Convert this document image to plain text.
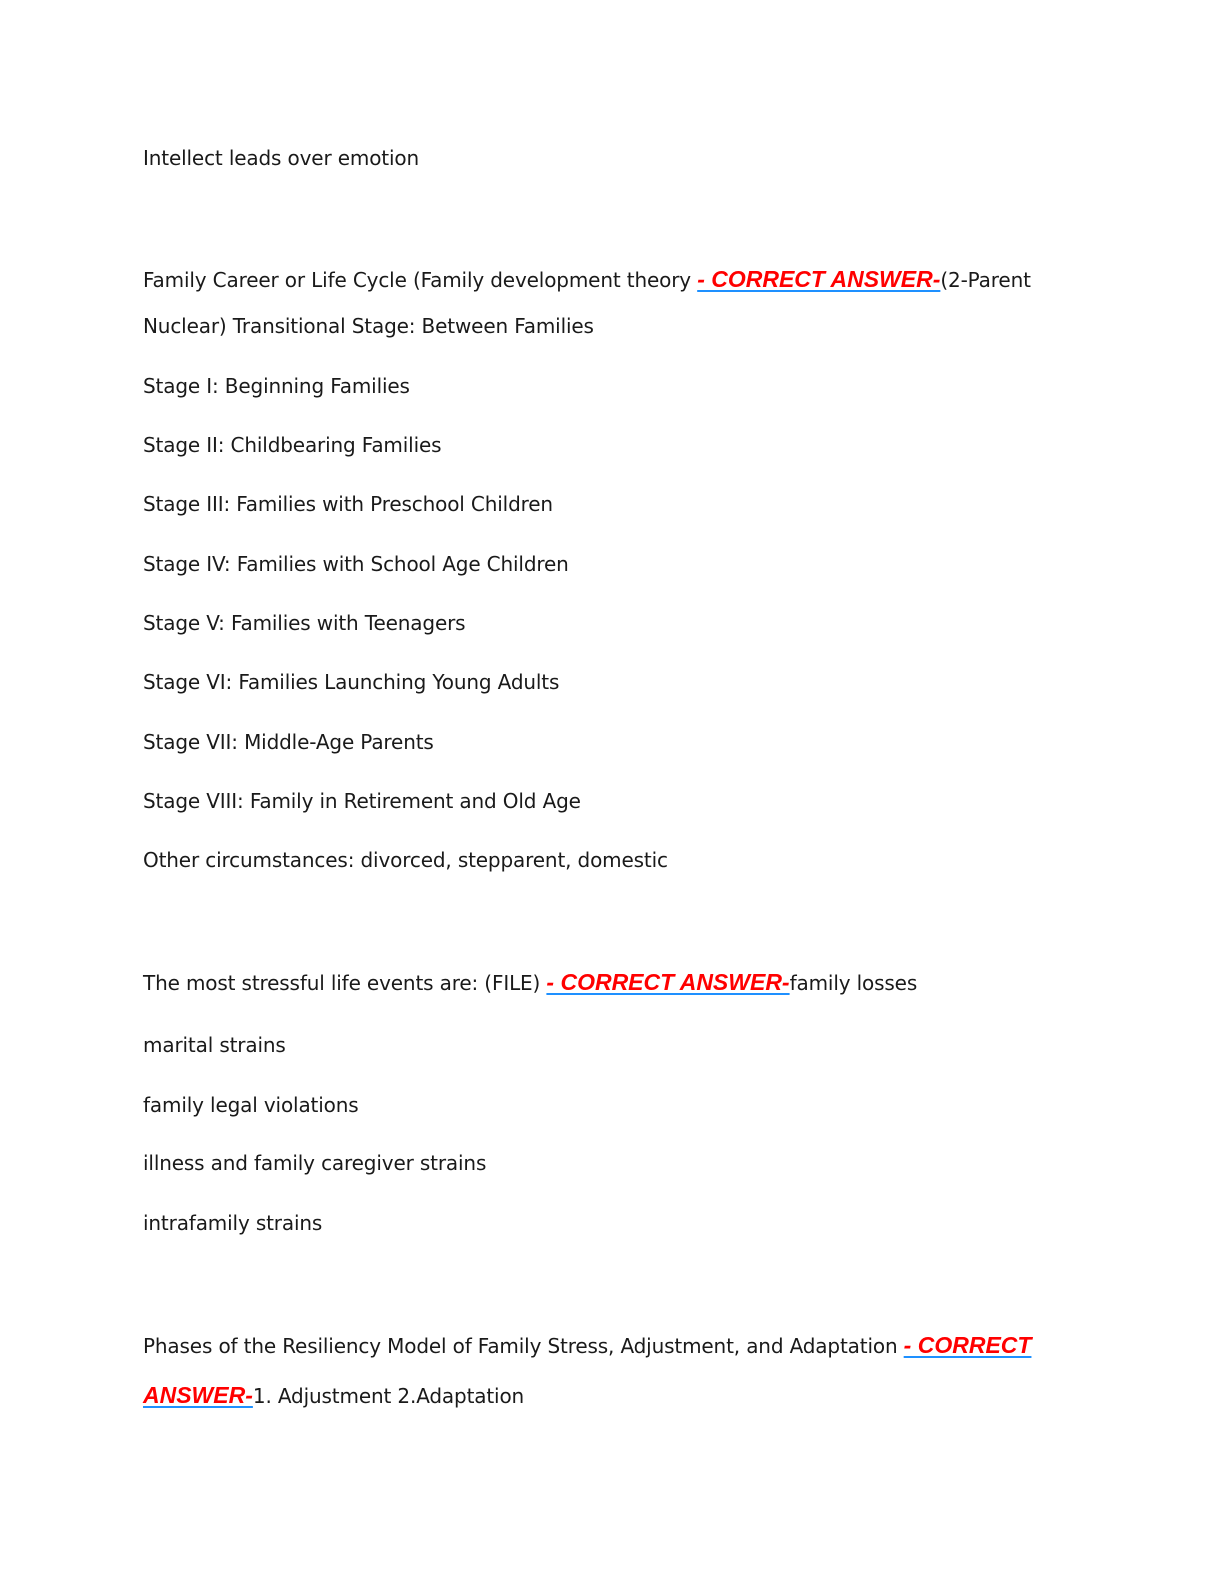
Intellect leads over emotion
Family Career or Life Cycle (Family development theory - CORRECT ANSWER-(2-Parent
Nuclear) Transitional Stage: Between Families
Stage I: Beginning Families
Stage II: Childbearing Families
Stage III: Families with Preschool Children
Stage IV: Families with School Age Children
Stage V: Families with Teenagers
Stage VI: Families Launching Young Adults
Stage VII: Middle-Age Parents
Stage VIII: Family in Retirement and Old Age
Other circumstances: divorced, stepparent, domestic
The most stressful life events are: (FILE) - CORRECT ANSWER-family losses
marital strains
family legal violations
illness and family caregiver strains
intrafamily strains
Phases of the Resiliency Model of Family Stress, Adjustment, and Adaptation - CORRECT
ANSWER-1. Adjustment 2.Adaptation
